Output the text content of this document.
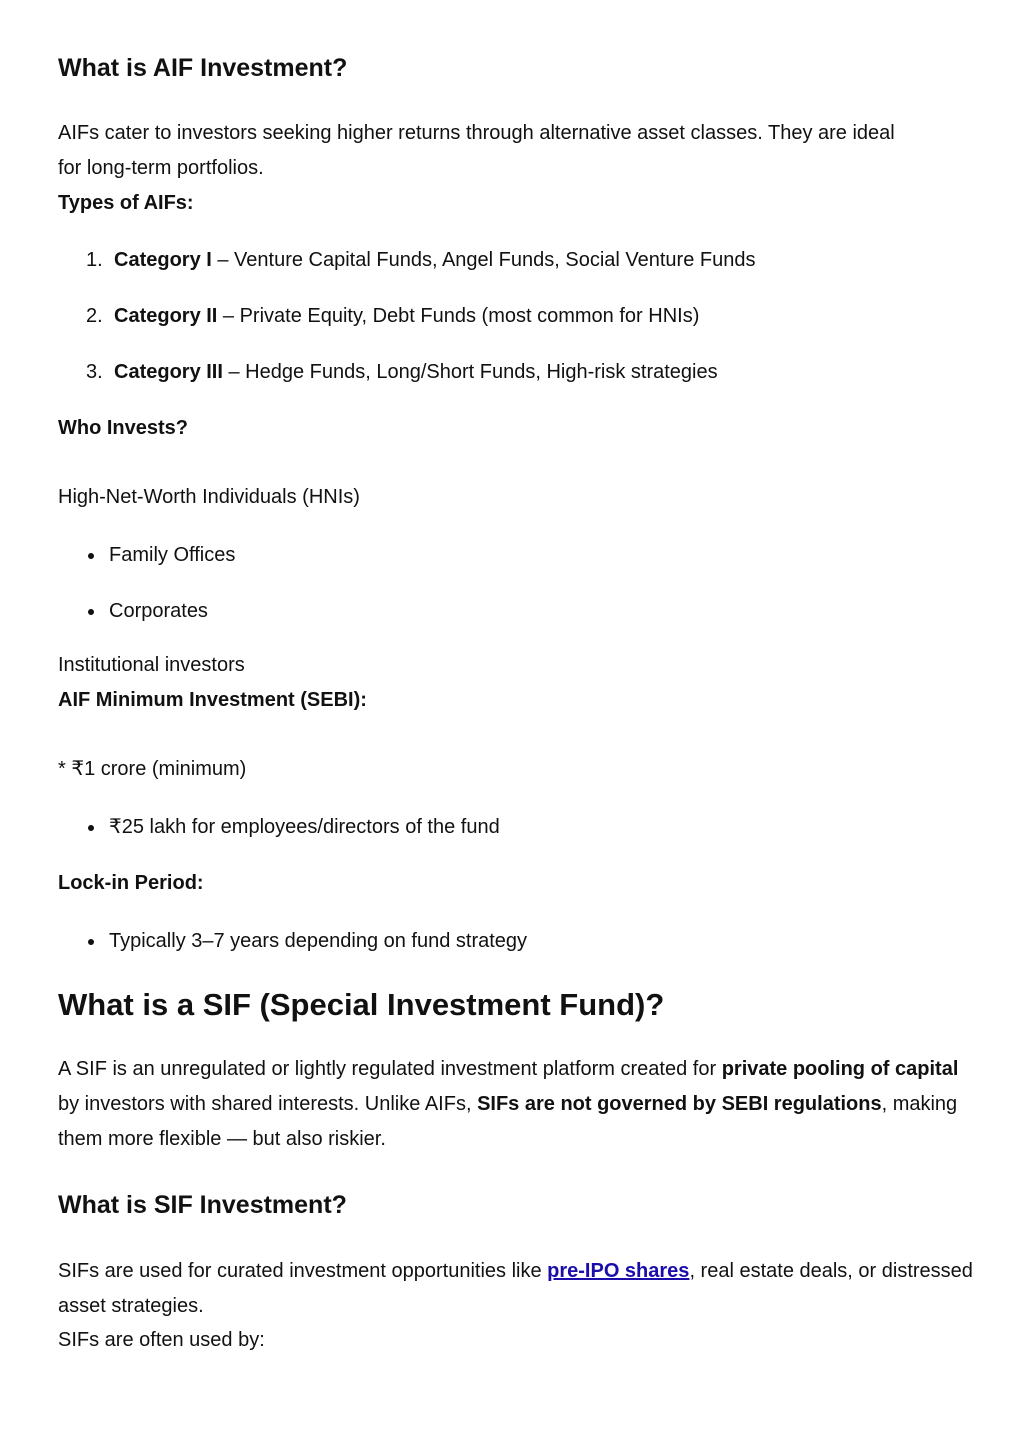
What is AIF Investment?
AIFs cater to investors seeking higher returns through alternative asset classes. They are ideal
for long-term portfolios.
Types of AIFs:
1. Category I – Venture Capital Funds, Angel Funds, Social Venture Funds
2. Category II – Private Equity, Debt Funds (most common for HNIs)
3. Category III – Hedge Funds, Long/Short Funds, High-risk strategies
Who Invests?
High-Net-Worth Individuals (HNIs)
Family Offices
Corporates
Institutional investors
AIF Minimum Investment (SEBI):
* ₹1 crore (minimum)
₹25 lakh for employees/directors of the fund
Lock-in Period:
Typically 3–7 years depending on fund strategy
What is a SIF (Special Investment Fund)?
A SIF is an unregulated or lightly regulated investment platform created for private pooling of capital by investors with shared interests. Unlike AIFs, SIFs are not governed by SEBI regulations, making them more flexible — but also riskier.
What is SIF Investment?
SIFs are used for curated investment opportunities like pre-IPO shares, real estate deals, or distressed asset strategies.
SIFs are often used by:
